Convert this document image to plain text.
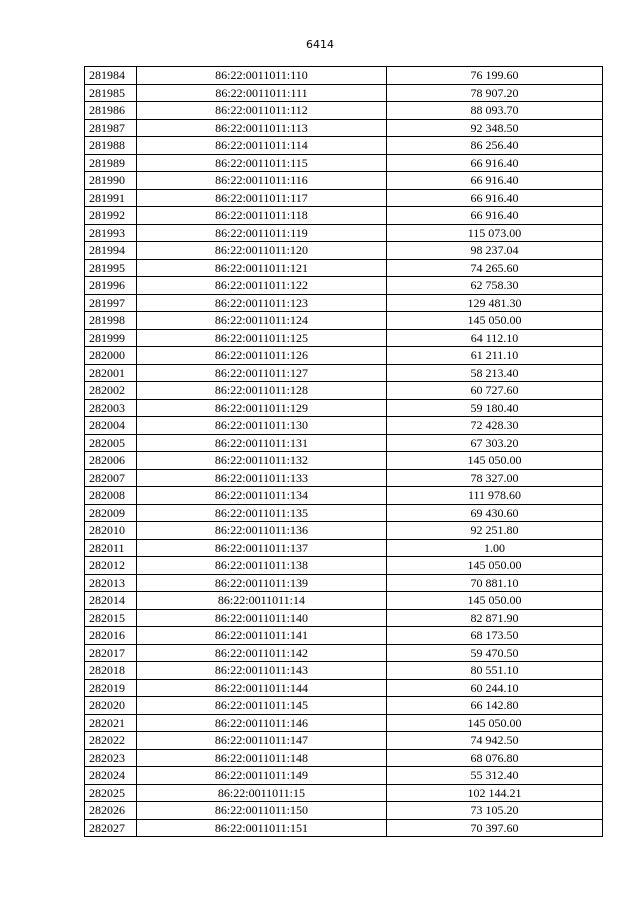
6414
281984	86:22:0011011:110	76 199.60
281985	86:22:0011011:111	78 907.20
281986	86:22:0011011:112	88 093.70
281987	86:22:0011011:113	92 348.50
281988	86:22:0011011:114	86 256.40
281989	86:22:0011011:115	66 916.40
281990	86:22:0011011:116	66 916.40
281991	86:22:0011011:117	66 916.40
281992	86:22:0011011:118	66 916.40
281993	86:22:0011011:119	115 073.00
281994	86:22:0011011:120	98 237.04
281995	86:22:0011011:121	74 265.60
281996	86:22:0011011:122	62 758.30
281997	86:22:0011011:123	129 481.30
281998	86:22:0011011:124	145 050.00
281999	86:22:0011011:125	64 112.10
282000	86:22:0011011:126	61 211.10
282001	86:22:0011011:127	58 213.40
282002	86:22:0011011:128	60 727.60
282003	86:22:0011011:129	59 180.40
282004	86:22:0011011:130	72 428.30
282005	86:22:0011011:131	67 303.20
282006	86:22:0011011:132	145 050.00
282007	86:22:0011011:133	78 327.00
282008	86:22:0011011:134	111 978.60
282009	86:22:0011011:135	69 430.60
282010	86:22:0011011:136	92 251.80
282011	86:22:0011011:137	1.00
282012	86:22:0011011:138	145 050.00
282013	86:22:0011011:139	70 881.10
282014	86:22:0011011:14	145 050.00
282015	86:22:0011011:140	82 871.90
282016	86:22:0011011:141	68 173.50
282017	86:22:0011011:142	59 470.50
282018	86:22:0011011:143	80 551.10
282019	86:22:0011011:144	60 244.10
282020	86:22:0011011:145	66 142.80
282021	86:22:0011011:146	145 050.00
282022	86:22:0011011:147	74 942.50
282023	86:22:0011011:148	68 076.80
282024	86:22:0011011:149	55 312.40
282025	86:22:0011011:15	102 144.21
282026	86:22:0011011:150	73 105.20
282027	86:22:0011011:151	70 397.60
